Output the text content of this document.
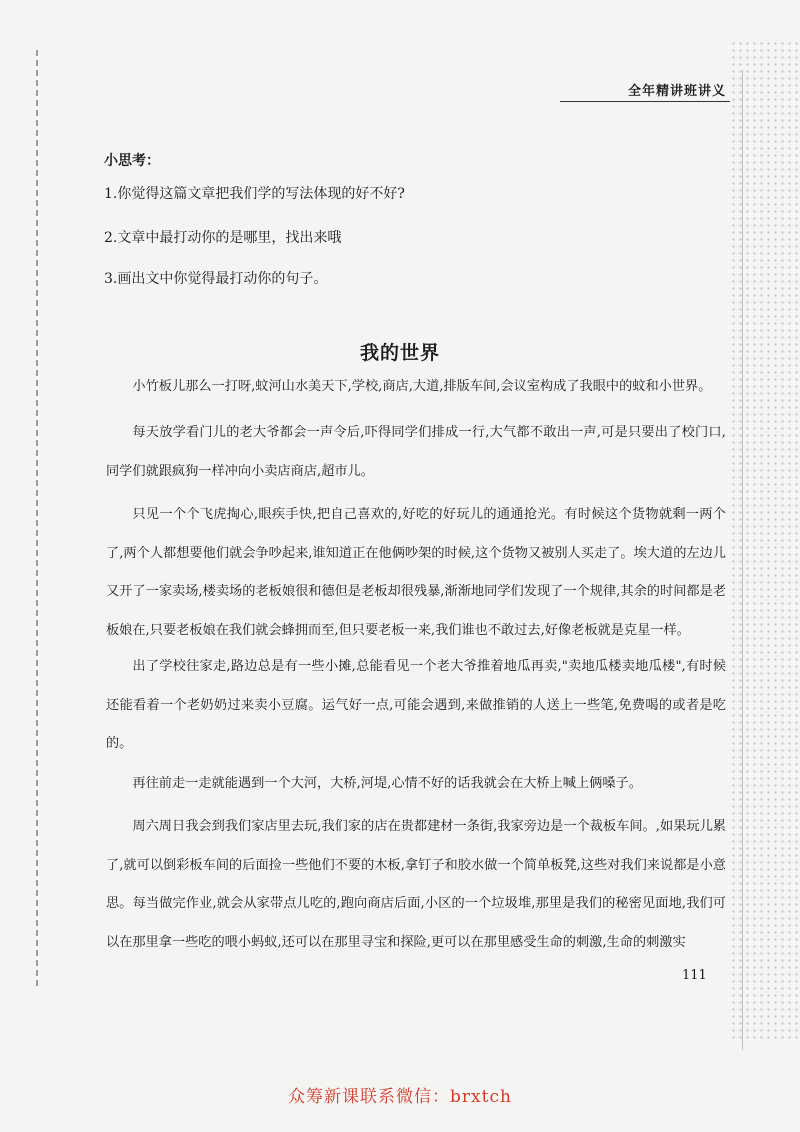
全年精讲班讲义
小思考：
1.你觉得这篇文章把我们学的写法体现的好不好?
2.文章中最打动你的是哪里，找出来哦
3.画出文中你觉得最打动你的句子。
我的世界
小竹板儿那么一打呀,蚊河山水美天下,学校,商店,大道,排版车间,会议室构成了我眼中的蚊和小世界。
每天放学看门儿的老大爷都会一声令后,吓得同学们排成一行,大气都不敢出一声,可是只要出了校门口,同学们就跟疯狗一样冲向小卖店商店,超市儿。
只见一个个飞虎掏心,眼疾手快,把自己喜欢的,好吃的好玩儿的通通抢光。有时候这个货物就剩一两个了,两个人都想要他们就会争吵起来,谁知道正在他俩吵架的时候,这个货物又被别人买走了。埃大道的左边儿又开了一家卖场,楼卖场的老板娘很和德但是老板却很残暴,渐渐地同学们发现了一个规律,其余的时间都是老板娘在,只要老板娘在我们就会蜂拥而至,但只要老板一来,我们谁也不敢过去,好像老板就是克星一样。
出了学校往家走,路边总是有一些小摊,总能看见一个老大爷推着地瓜再卖,"卖地瓜楼卖地瓜楼",有时候还能看着一个老奶奶过来卖小豆腐。运气好一点,可能会遇到,来做推销的人送上一些笔,免费喝的或者是吃的。
再往前走一走就能遇到一个大河，大桥,河堤,心情不好的话我就会在大桥上喊上俩嗓子。
周六周日我会到我们家店里去玩,我们家的店在贵都建材一条街,我家旁边是一个裁板车间。,如果玩儿累了,就可以倒彩板车间的后面捡一些他们不要的木板,拿钉子和胶水做一个简单板凳,这些对我们来说都是小意思。每当做完作业,就会从家带点儿吃的,跑向商店后面,小区的一个垃圾堆,那里是我们的秘密见面地,我们可以在那里拿一些吃的喂小蚂蚁,还可以在那里寻宝和探险,更可以在那里感受生命的刺激,生命的刺激实
111
众筹新课联系微信：brxtch
